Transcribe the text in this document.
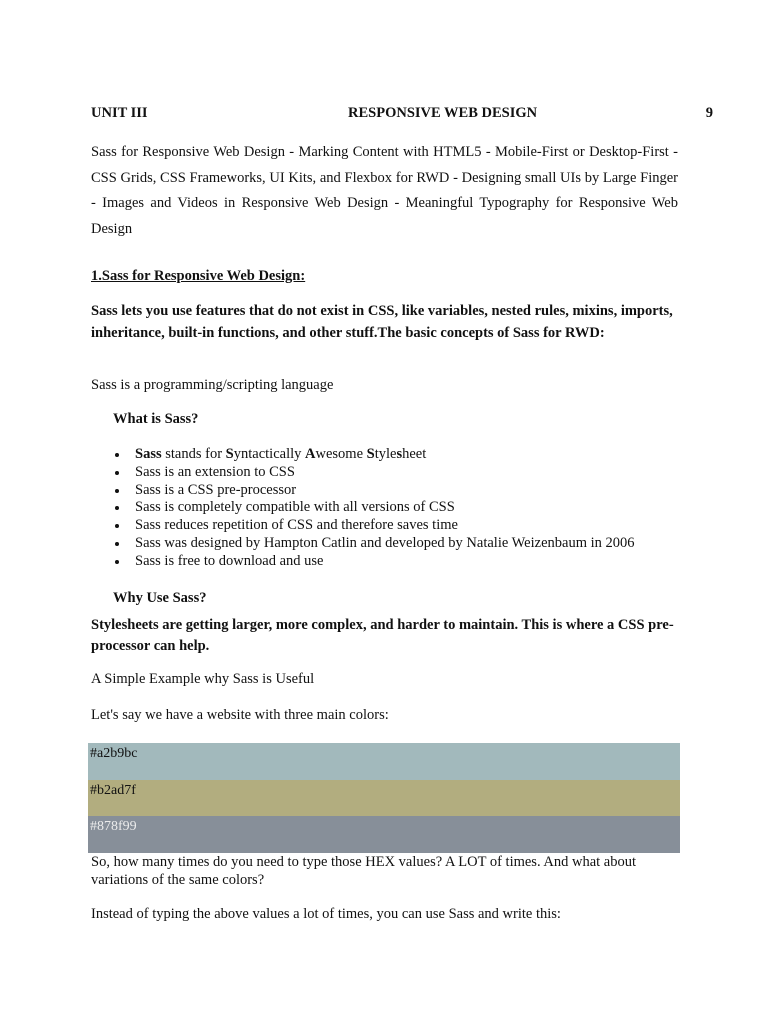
UNIT III	RESPONSIVE WEB DESIGN	9

Sass for Responsive Web Design - Marking Content with HTML5 - Mobile-First or Desktop-First - CSS Grids, CSS Frameworks, UI Kits, and Flexbox for RWD - Designing small UIs by Large Finger - Images and Videos in Responsive Web Design - Meaningful Typography for Responsive Web Design

1.Sass for Responsive Web Design:

Sass lets you use features that do not exist in CSS, like variables, nested rules, mixins, imports, inheritance, built-in functions, and other stuff.The basic concepts of Sass for RWD:

Sass is a programming/scripting language

What is Sass?

Sass stands for Syntactically Awesome Stylesheet
Sass is an extension to CSS
Sass is a CSS pre-processor
Sass is completely compatible with all versions of CSS
Sass reduces repetition of CSS and therefore saves time
Sass was designed by Hampton Catlin and developed by Natalie Weizenbaum in 2006
Sass is free to download and use

Why Use Sass?

Stylesheets are getting larger, more complex, and harder to maintain. This is where a CSS pre-processor can help.

A Simple Example why Sass is Useful

Let's say we have a website with three main colors:

#a2b9bc
#b2ad7f
#878f99

So, how many times do you need to type those HEX values? A LOT of times. And what about variations of the same colors?

Instead of typing the above values a lot of times, you can use Sass and write this:
